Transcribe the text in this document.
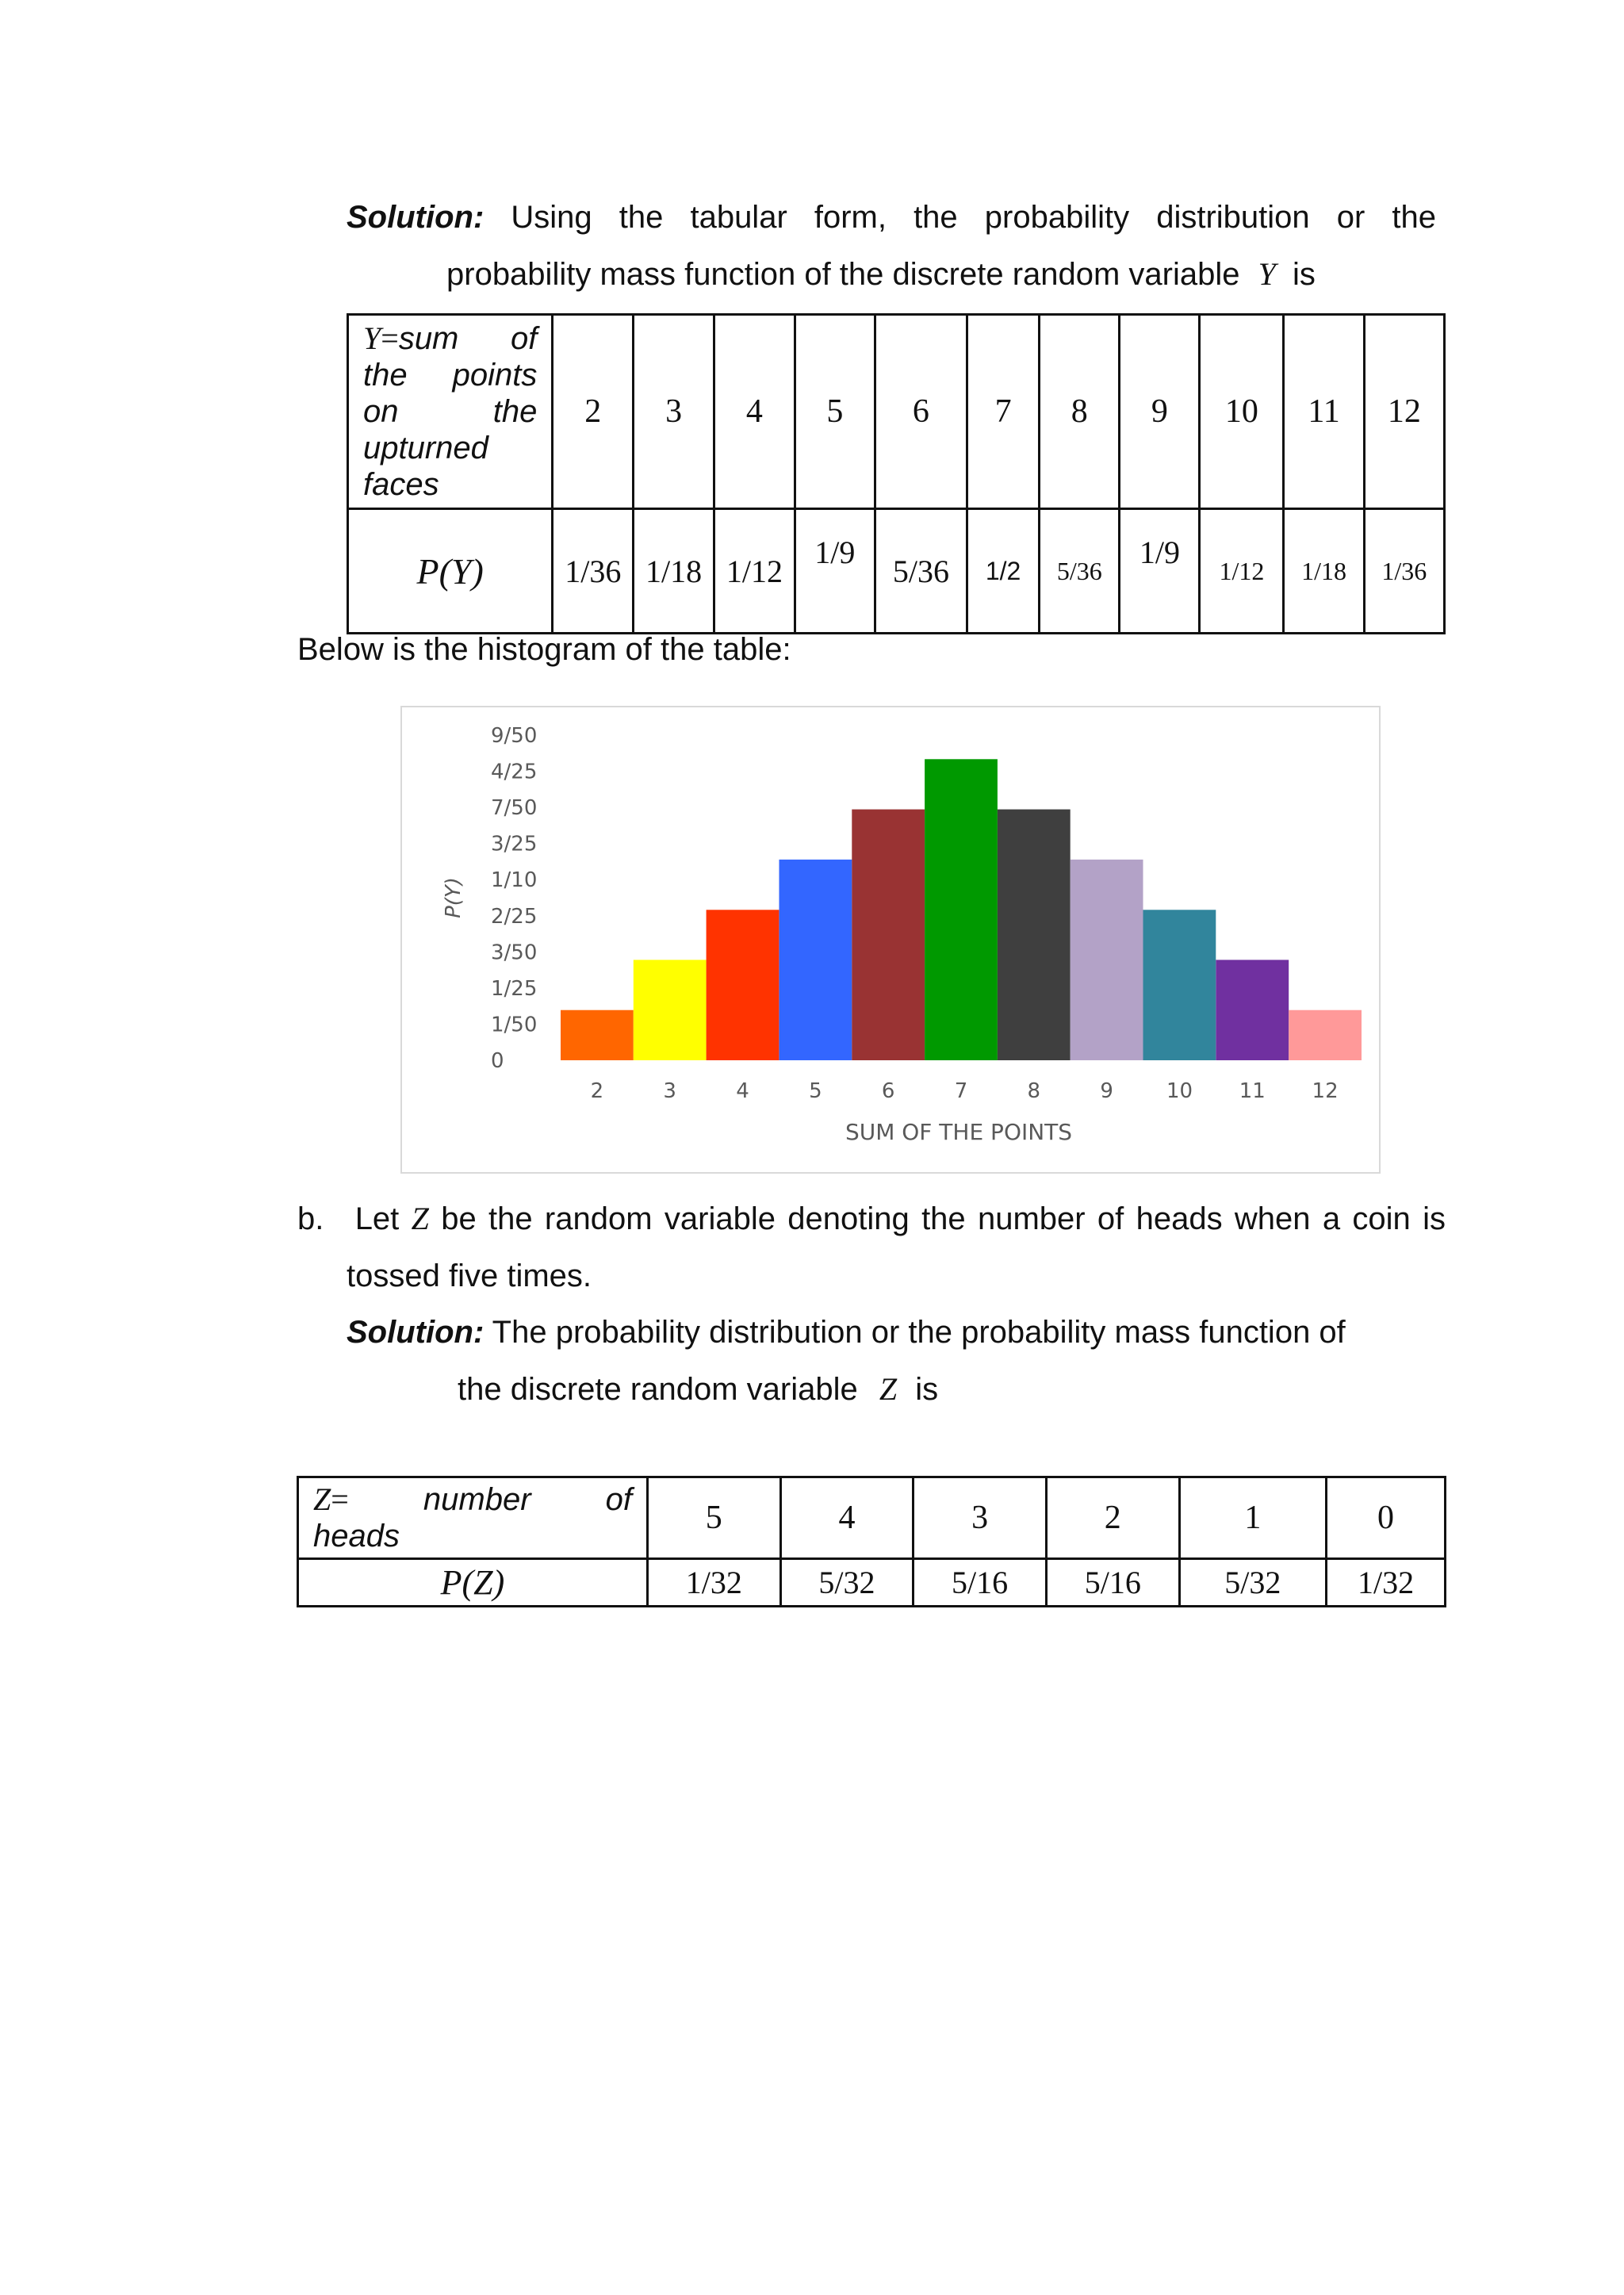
Solution: Using the tabular form, the probability distribution or the
probability mass function of the discrete random variable Y is
Y=sum of
the points
on the
upturned
faces	2	3	4	5	6	7	8	9	10	11	12
P(Y)	1/36	1/18	1/12	1/9	5/36	1/2	5/36	1/9	1/12	1/18	1/36
Below is the histogram of the table:
0
1/50
1/25
3/50
2/25
1/10
3/25
7/50
4/25
9/50
2	3	4	5	6	7	8	9	10 11 12
SUM OF THE POINTS
P(Y)
b. Let Z be the random variable denoting the number of heads when a coin is
tossed five times.
Solution: The probability distribution or the probability mass function of
the discrete random variable Z is
Z= number of
heads	5	4	3	2	1	0
P(Z)	1/32	5/32	5/16	5/16	5/32	1/32
